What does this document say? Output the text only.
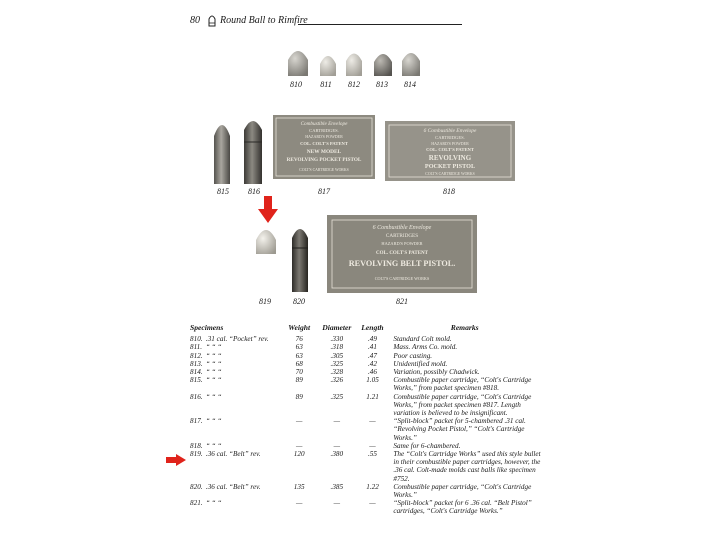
80 Round Ball to Rimfire
810	811	812	813	814
815	816
Combustible Envelope
CARTRIDGES.
HAZARD'S POWDER
COL. COLT'S PATENT
NEW MODEL
REVOLVING POCKET PISTOL
COLT'S CARTRIDGE WORKS
817
6 Combustible Envelope
CARTRIDGES.
HAZARD'S POWDER
COL. COLT'S PATENT
REVOLVING
POCKET PISTOL
COLT'S CARTRIDGE WORKS
818
819	820
6 Combustible Envelope
CARTRIDGES
HAZARD'S POWDER
COL. COLT'S PATENT
REVOLVING BELT PISTOL.
COLT'S CARTRIDGE WORKS
821
Specimens		Weight	Diameter	Length	Remarks
810.	.31 cal. “Pocket” rev.	76	.330	.49	Standard Colt mold.
811.	“ “ “	63	.318	.41	Mass. Arms Co. mold.
812.	“ “ “	63	.305	.47	Poor casting.
813.	“ “ “	68	.325	.42	Unidentified mold.
814.	“ “ “	70	.328	.46	Variation, possibly Chadwick.
815.	“ “ “	89	.326	1.05	Combustible paper cartridge, “Colt's Cartridge Works,” from packet specimen #818.
816.	“ “ “	89	.325	1.21	Combustible paper cartridge, “Colt's Cartridge Works,” from packet specimen #817. Length variation is believed to be insignificant.
817.	“ “ “	—	—	—	“Split-block” packet for 5-chambered .31 cal. “Revolving Pocket Pistol,” “Colt's Cartridge Works.”
818.	“ “ “	—	—	—	Same for 6-chambered.
819.	.36 cal. “Belt” rev.	120	.380	.55	The “Colt's Cartridge Works” used this style bullet in their combustible paper cartridges, however, the .36 cal. Colt-made molds cast balls like specimen #752.
820.	.36 cal. “Belt” rev.	135	.385	1.22	Combustible paper cartridge, “Colt's Cartridge Works.”
821.	“ “ “	—	—	—	“Split-block” packet for 6 .36 cal. “Belt Pistol” cartridges, “Colt's Cartridge Works.”
